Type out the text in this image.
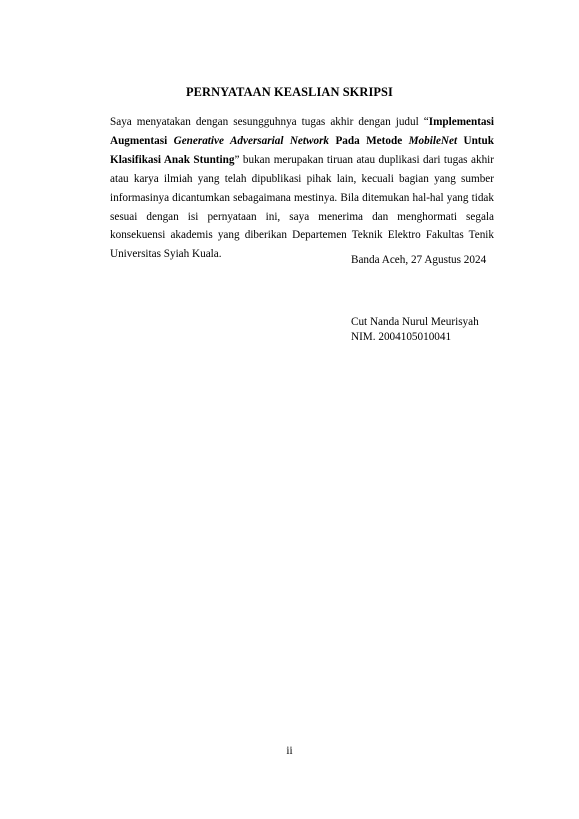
PERNYATAAN KEASLIAN SKRIPSI
Saya menyatakan dengan sesungguhnya tugas akhir dengan judul “Implementasi Augmentasi Generative Adversarial Network Pada Metode MobileNet Untuk Klasifikasi Anak Stunting” bukan merupakan tiruan atau duplikasi dari tugas akhir atau karya ilmiah yang telah dipublikasi pihak lain, kecuali bagian yang sumber informasinya dicantumkan sebagaimana mestinya. Bila ditemukan hal-hal yang tidak sesuai dengan isi pernyataan ini, saya menerima dan menghormati segala konsekuensi akademis yang diberikan Departemen Teknik Elektro Fakultas Tenik Universitas Syiah Kuala.	Banda Aceh, 27 Agustus 2024
Cut Nanda Nurul Meurisyah
NIM. 2004105010041
ii
